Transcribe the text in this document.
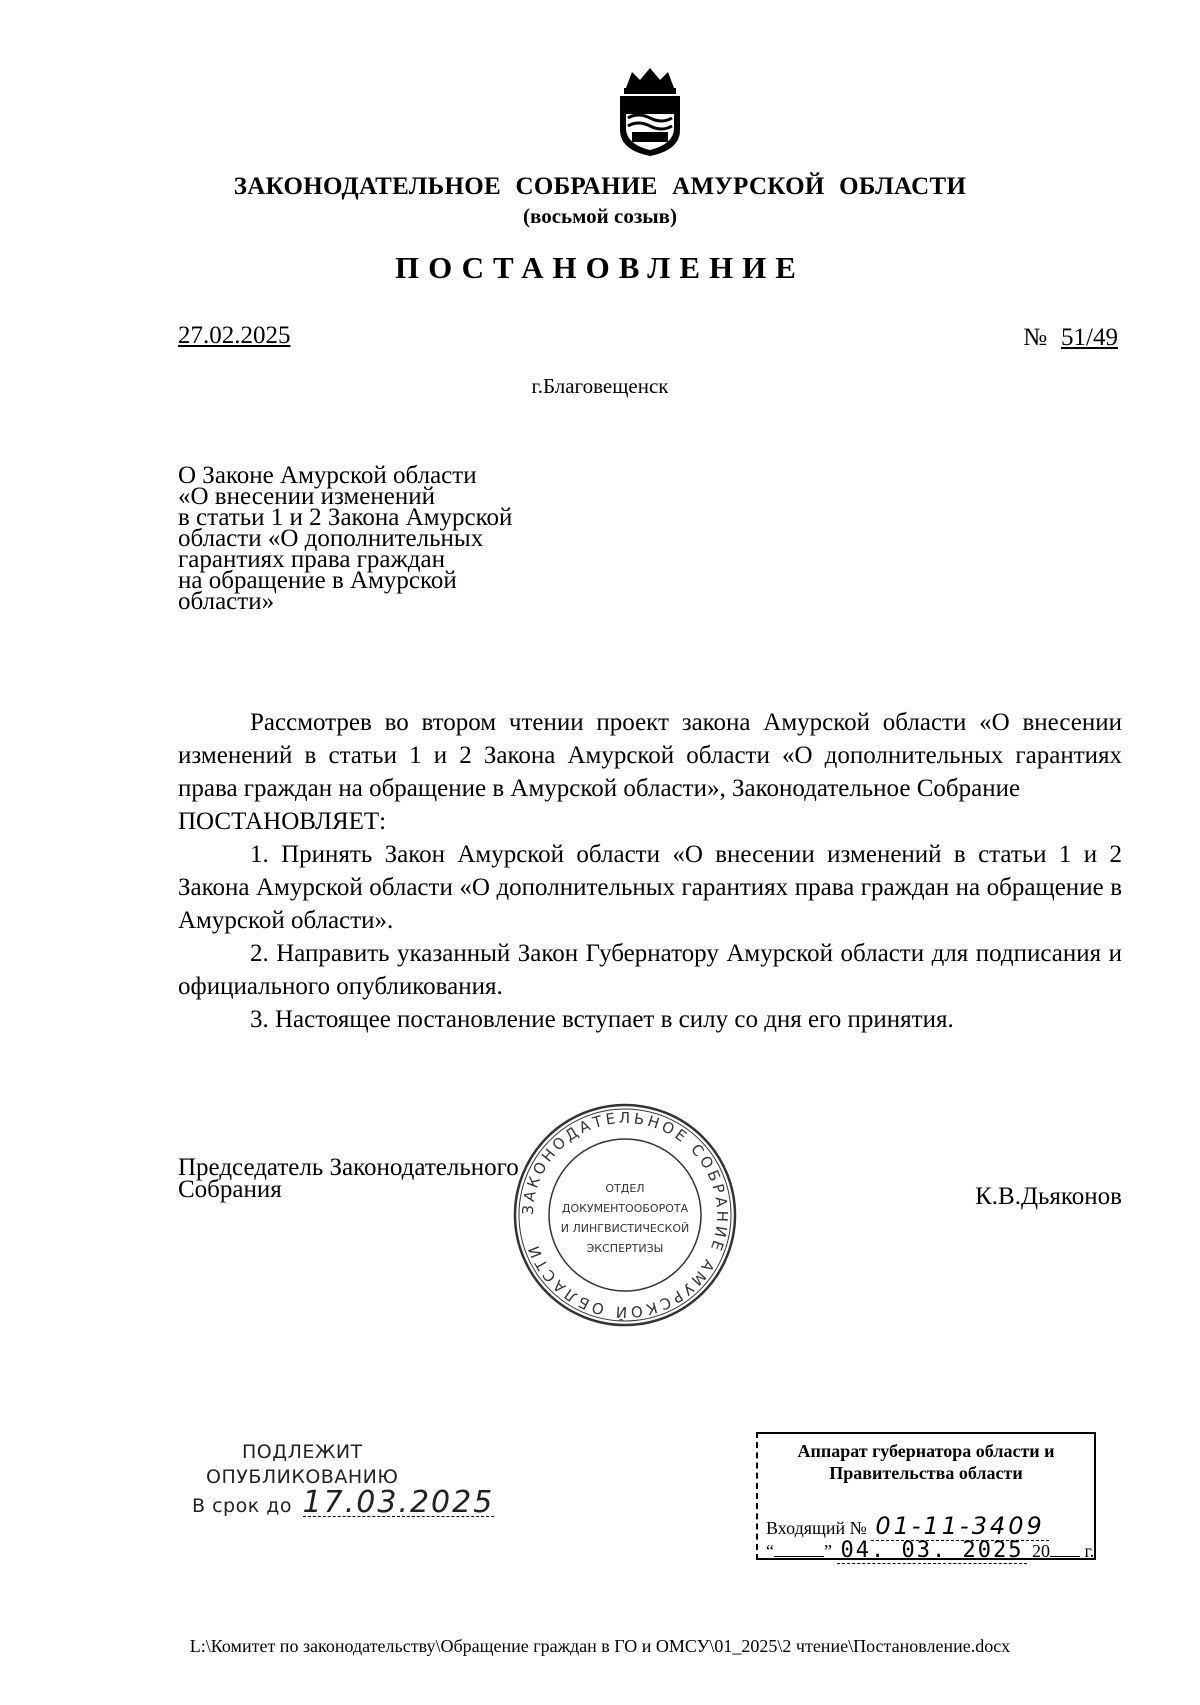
ЗАКОНОДАТЕЛЬНОЕ СОБРАНИЕ АМУРСКОЙ ОБЛАСТИ
(восьмой созыв)
ПОСТАНОВЛЕНИЕ
27.02.2025	№ 51/49
г.Благовещенск
О Законе Амурской области
«О внесении изменений
в статьи 1 и 2 Закона Амурской
области «О дополнительных
гарантиях права граждан
на обращение в Амурской
области»

Рассмотрев во втором чтении проект закона Амурской области «О внесении изменений в статьи 1 и 2 Закона Амурской области «О дополнительных гарантиях права граждан на обращение в Амурской области», Законодательное Собрание

ПОСТАНОВЛЯЕТ:

1. Принять Закон Амурской области «О внесении изменений в статьи 1 и 2 Закона Амурской области «О дополнительных гарантиях права граждан на обращение в Амурской области».

2. Направить указанный Закон Губернатору Амурской области для подписания и официального опубликования.

3. Настоящее постановление вступает в силу со дня его принятия.

Председатель Законодательного
Собрания	К.В.Дьяконов
ЗАКОНОДАТЕЛЬНОЕ СОБРАНИЕ АМУРСКОЙ ОБЛАСТИ
ОТДЕЛ
ДОКУМЕНТООБОРОТА
И ЛИНГВИСТИЧЕСКОЙ
ЭКСПЕРТИЗЫ
ПОДЛЕЖИТ
ОПУБЛИКОВАНИЮ
В срок до 17.03.2025
Аппарат губернатора области и
Правительства области
Входящий № 01-11-3409
“	” 04. 03. 2025 20 г.
L:\Комитет по законодательству\Обращение граждан в ГО и ОМСУ\01_2025\2 чтение\Постановление.docx
